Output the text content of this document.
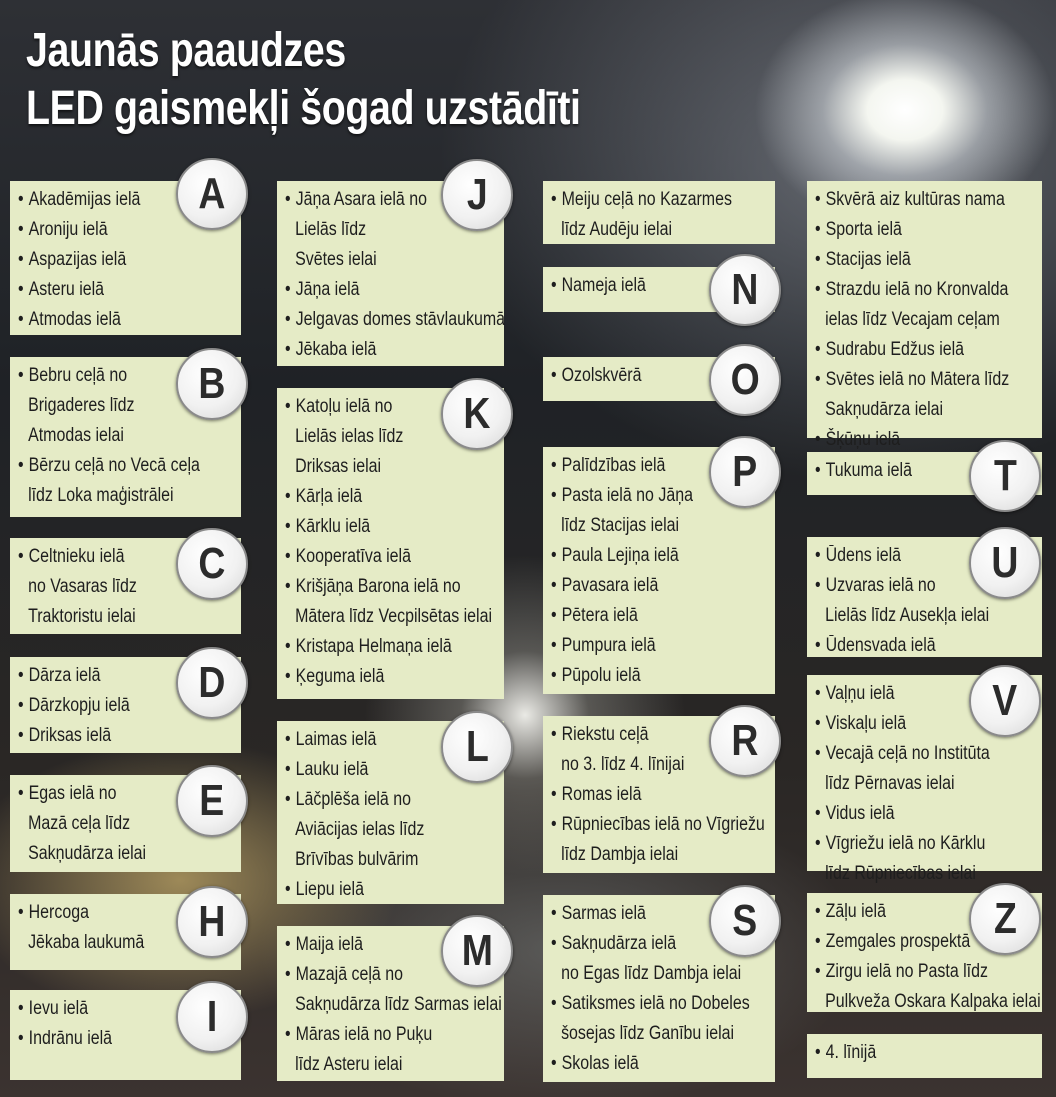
Jaunās paaudzes
LED gaismekļi šogad uzstādīti
• Akadēmijas ielā
• Aroniju ielā
• Aspazijas ielā
• Asteru ielā
• Atmodas ielā
A
• Bebru ceļā no
Brigaderes līdz
Atmodas ielai
• Bērzu ceļā no Vecā ceļa
līdz Loka maģistrālei
B
• Celtnieku ielā
no Vasaras līdz
Traktoristu ielai
C
• Dārza ielā
• Dārzkopju ielā
• Driksas ielā
D
• Egas ielā no
Mazā ceļa līdz
Sakņudārza ielai
E
• Hercoga
Jēkaba laukumā	H
• Ievu ielā
• Indrānu ielā	I
• Jāņa Asara ielā no
Lielās līdz
Svētes ielai
• Jāņa ielā
• Jelgavas domes stāvlaukumā
• Jēkaba ielā
J
• Katoļu ielā no
Lielās ielas līdz
Driksas ielai
• Kārļa ielā
• Kārklu ielā
• Kooperatīva ielā
• Krišjāņa Barona ielā no
Mātera līdz Vecpilsētas ielai
• Kristapa Helmaņa ielā
• Ķeguma ielā
K
• Laimas ielā
• Lauku ielā
• Lāčplēša ielā no
Aviācijas ielas līdz
Brīvības bulvārim
• Liepu ielā
L
• Maija ielā
• Mazajā ceļā no
Sakņudārza līdz Sarmas ielai
• Māras ielā no Puķu
līdz Asteru ielai
M
• Meiju ceļā no Kazarmes
līdz Audēju ielai
• Nameja ielā	N
• Ozolskvērā	O
• Palīdzības ielā
• Pasta ielā no Jāņa
līdz Stacijas ielai
• Paula Lejiņa ielā
• Pavasara ielā
• Pētera ielā
• Pumpura ielā
• Pūpolu ielā
P
• Riekstu ceļā
no 3. līdz 4. līnijai
• Romas ielā
• Rūpniecības ielā no Vīgriežu
līdz Dambja ielai
R
• Sarmas ielā
• Sakņudārza ielā
no Egas līdz Dambja ielai
• Satiksmes ielā no Dobeles
šosejas līdz Ganību ielai
• Skolas ielā
S
• Skvērā aiz kultūras nama
• Sporta ielā
• Stacijas ielā
• Strazdu ielā no Kronvalda
ielas līdz Vecajam ceļam
• Sudrabu Edžus ielā
• Svētes ielā no Mātera līdz
Sakņudārza ielai
• Šķūņu ielā
• Tukuma ielā	T
• Ūdens ielā
• Uzvaras ielā no
Lielās līdz Ausekļa ielai
• Ūdensvada ielā
U
• Vaļņu ielā
• Viskaļu ielā
• Vecajā ceļā no Institūta
līdz Pērnavas ielai
• Vidus ielā
• Vīgriežu ielā no Kārklu
līdz Rūpniecības ielai
V
• Zāļu ielā
• Zemgales prospektā
• Zirgu ielā no Pasta līdz
Pulkveža Oskara Kalpaka ielai
Z
• 4. līnijā
